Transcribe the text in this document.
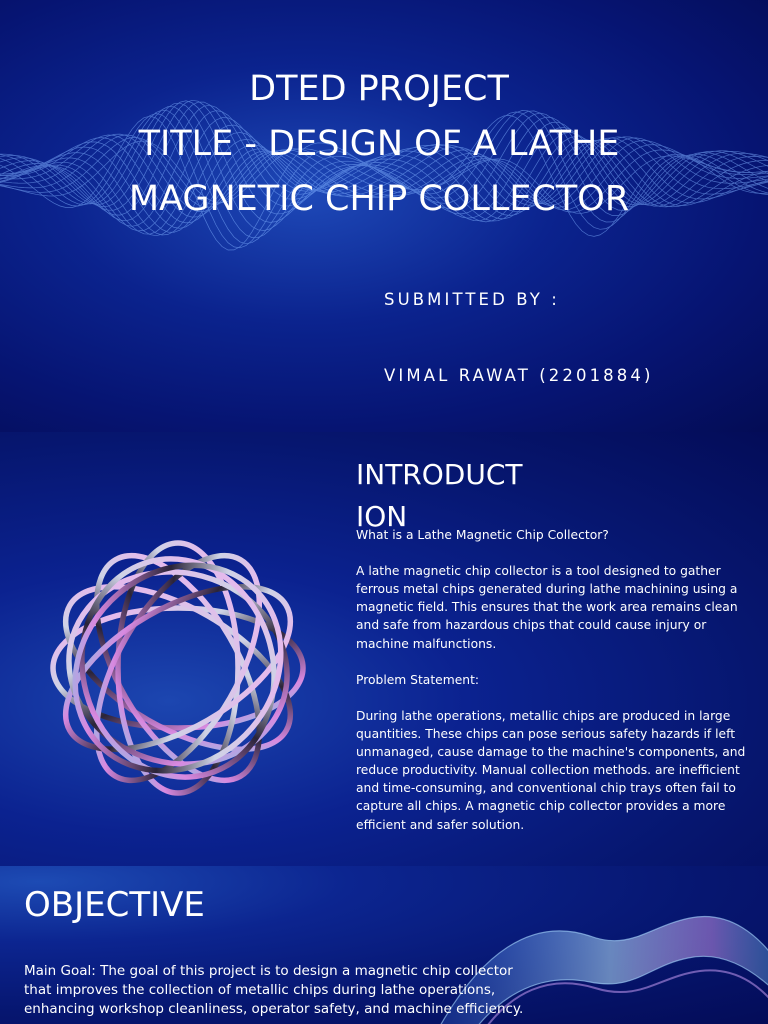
DTED PROJECT
TITLE - DESIGN OF A LATHE
MAGNETIC CHIP COLLECTOR

SUBMITTED BY :

VIMAL RAWAT (2201884)

INTRODUCT
ION
What is a Lathe Magnetic Chip Collector?

A lathe magnetic chip collector is a tool designed to gather ferrous metal chips generated during lathe machining using a magnetic field. This ensures that the work area remains clean and safe from hazardous chips that could cause injury or machine malfunctions.

Problem Statement:

During lathe operations, metallic chips are produced in large quantities. These chips can pose serious safety hazards if left unmanaged, cause damage to the machine's components, and reduce productivity. Manual collection methods. are inefficient and time-consuming, and conventional chip trays often fail to capture all chips. A magnetic chip collector provides a more efficient and safer solution.
OBJECTIVE
Main Goal: The goal of this project is to design a magnetic chip collector that improves the collection of metallic chips during lathe operations, enhancing workshop cleanliness, operator safety, and machine efficiency.
